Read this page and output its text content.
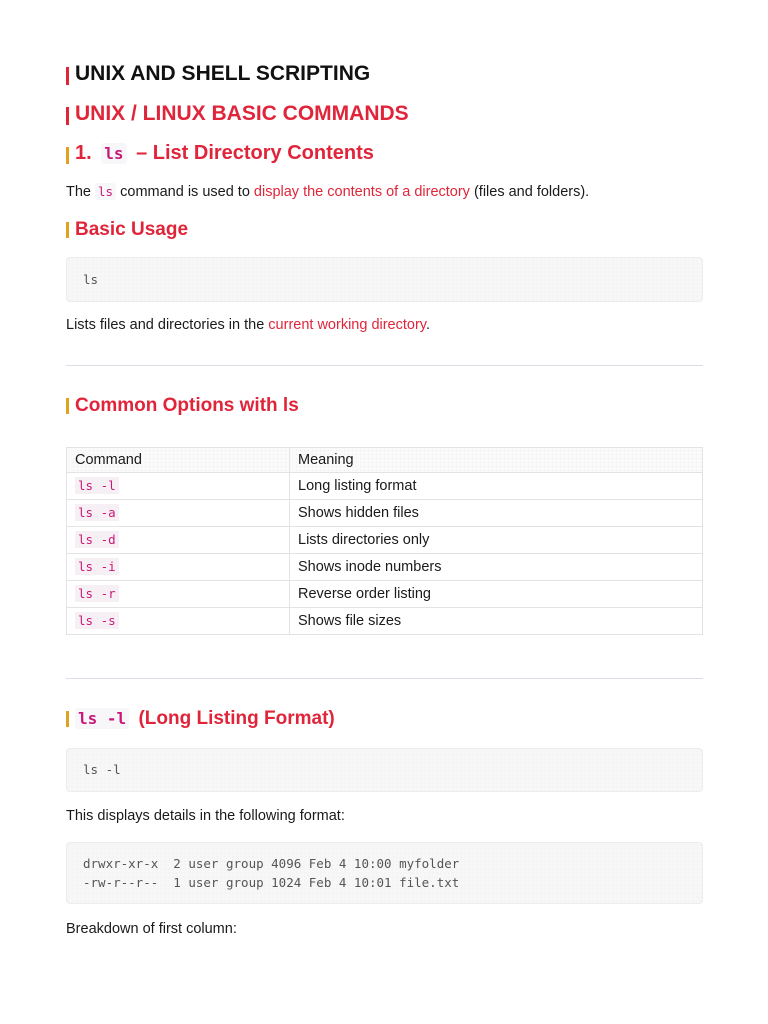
UNIX AND SHELL SCRIPTING
UNIX / LINUX BASIC COMMANDS
1. ls – List Directory Contents
The ls command is used to display the contents of a directory (files and folders).
Basic Usage
ls
Lists files and directories in the current working directory.
Common Options with ls
Command	Meaning
ls -l	Long listing format
ls -a	Shows hidden files
ls -d	Lists directories only
ls -i	Shows inode numbers
ls -r	Reverse order listing
ls -s	Shows file sizes
ls -l (Long Listing Format)
ls -l
This displays details in the following format:
drwxr-xr-x  2 user group 4096 Feb 4 10:00 myfolder
-rw-r--r--  1 user group 1024 Feb 4 10:01 file.txt
Breakdown of first column:
